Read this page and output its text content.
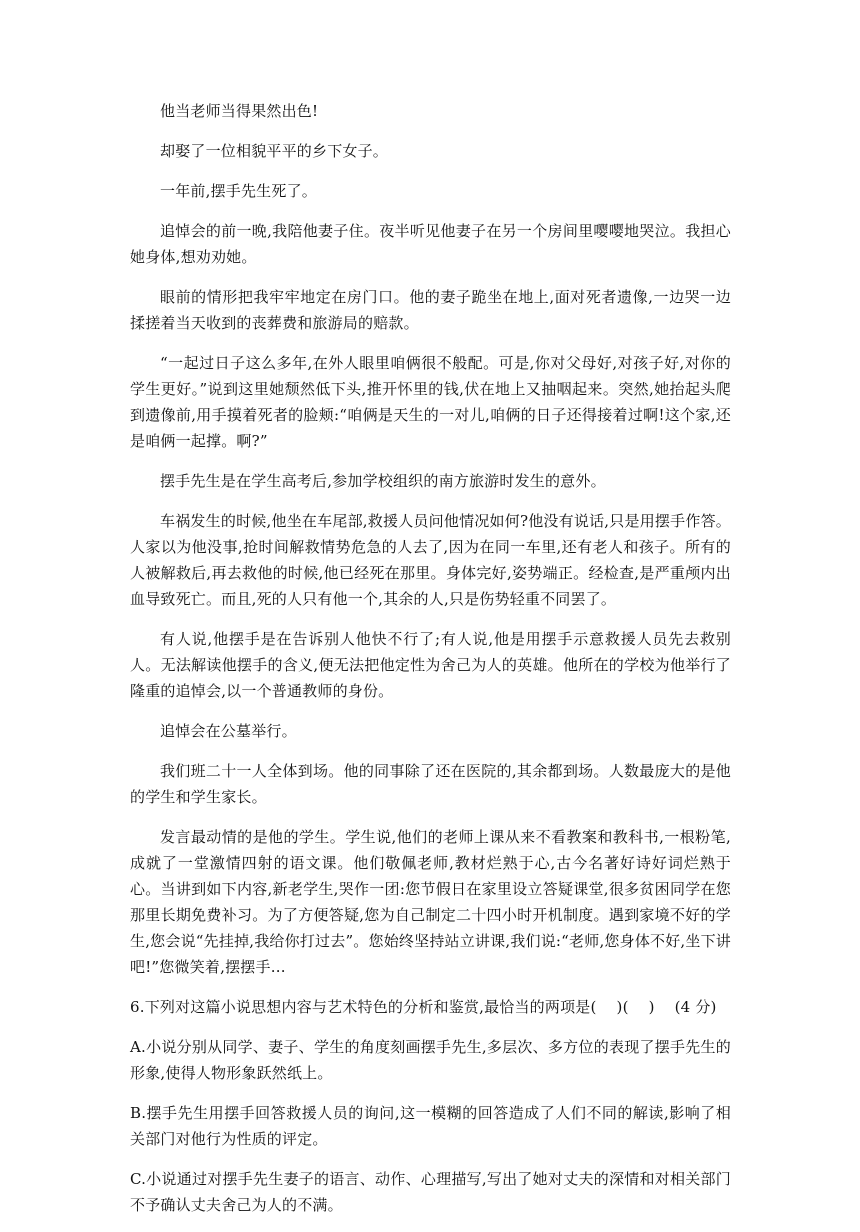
他当老师当得果然出色!

却娶了一位相貌平平的乡下女子。

一年前,摆手先生死了。

追悼会的前一晚,我陪他妻子住。夜半听见他妻子在另一个房间里嘤嘤地哭泣。我担心她身体,想劝劝她。

眼前的情形把我牢牢地定在房门口。他的妻子跪坐在地上,面对死者遗像,一边哭一边揉搓着当天收到的丧葬费和旅游局的赔款。

“一起过日子这么多年,在外人眼里咱俩很不般配。可是,你对父母好,对孩子好,对你的学生更好。”说到这里她颓然低下头,推开怀里的钱,伏在地上又抽咽起来。突然,她抬起头爬到遗像前,用手摸着死者的脸颊:“咱俩是天生的一对儿,咱俩的日子还得接着过啊!这个家,还是咱俩一起撑。啊?”

摆手先生是在学生高考后,参加学校组织的南方旅游时发生的意外。

车祸发生的时候,他坐在车尾部,救援人员问他情况如何?他没有说话,只是用摆手作答。人家以为他没事,抢时间解救情势危急的人去了,因为在同一车里,还有老人和孩子。所有的人被解救后,再去救他的时候,他已经死在那里。身体完好,姿势端正。经检查,是严重颅内出血导致死亡。而且,死的人只有他一个,其余的人,只是伤势轻重不同罢了。

有人说,他摆手是在告诉别人他快不行了;有人说,他是用摆手示意救援人员先去救别人。无法解读他摆手的含义,便无法把他定性为舍己为人的英雄。他所在的学校为他举行了隆重的追悼会,以一个普通教师的身份。

追悼会在公墓举行。

我们班二十一人全体到场。他的同事除了还在医院的,其余都到场。人数最庞大的是他的学生和学生家长。

发言最动情的是他的学生。学生说,他们的老师上课从来不看教案和教科书,一根粉笔,成就了一堂激情四射的语文课。他们敬佩老师,教材烂熟于心,古今名著好诗好词烂熟于心。当讲到如下内容,新老学生,哭作一团:您节假日在家里设立答疑课堂,很多贫困同学在您那里长期免费补习。为了方便答疑,您为自己制定二十四小时开机制度。遇到家境不好的学生,您会说“先挂掉,我给你打过去”。您始终坚持站立讲课,我们说:“老师,您身体不好,坐下讲吧!”您微笑着,摆摆手…

6.下列对这篇小说思想内容与艺术特色的分析和鉴赏,最恰当的两项是( )( ) (4 分)

A.小说分别从同学、妻子、学生的角度刻画摆手先生,多层次、多方位的表现了摆手先生的形象,使得人物形象跃然纸上。

B.摆手先生用摆手回答救援人员的询问,这一模糊的回答造成了人们不同的解读,影响了相关部门对他行为性质的评定。

C.小说通过对摆手先生妻子的语言、动作、心理描写,写出了她对丈夫的深情和对相关部门不予确认丈夫舍己为人的不满。
